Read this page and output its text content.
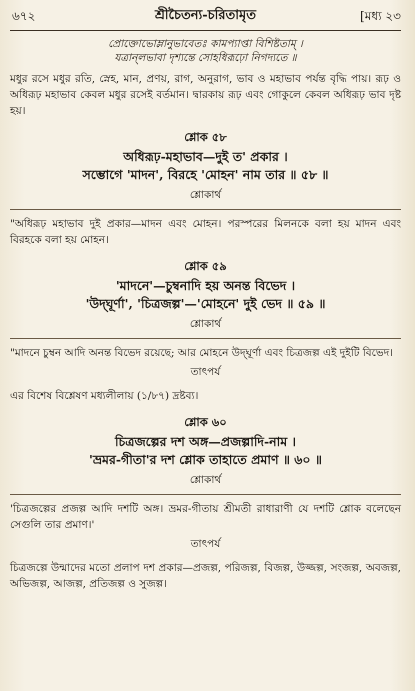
৬৭২	শ্রীচৈতন্য-চরিতামৃত	[মধ্য ২৩
প্রোক্তোভোম্লানুভাবেতঃ কামপ্যাপ্তা বিশিষ্টতাম্‌ ।
যত্রান্লভাবা দৃশ্যন্তে সোহধিরূঢ়ো নিগদ্যতে ॥
মধুর রসে মধুর রতি, স্নেহ, মান, প্রণয়, রাগ, অনুরাগ, ভাব ও মহাভাব পর্যন্ত বৃদ্ধি পায়। রূঢ় ও অধিরূঢ় মহাভাব কেবল মধুর রসেই বর্তমান। দ্বারকায় রূঢ় এবং গোকুলে কেবল অধিরূঢ় ভাব দৃষ্ট হয়।
শ্লোক ৫৮
অধিরূঢ়-মহাভাব—দুই ত' প্রকার ।
সম্ভোগে 'মাদন', বিরহে 'মোহন' নাম তার ॥ ৫৮ ॥
শ্লোকার্থ
"অধিরূঢ় মহাভাব দুই প্রকার—মাদন এবং মোহন। পরস্পরের মিলনকে বলা হয় মাদন এবং বিরহকে বলা হয় মোহন।
শ্লোক ৫৯
'মাদনে'—চুম্বনাদি হয় অনন্ত বিভেদ ।
'উদ্‌ঘূর্ণা', 'চিত্রজল্প'—'মোহনে' দুই ভেদ ॥ ৫৯ ॥
শ্লোকার্থ
"মাদনে চুম্বন আদি অনন্ত বিভেদ রয়েছে; আর মোহনে উদ্‌ঘূর্ণা এবং চিত্রজল্প এই দুইটি বিভেদ।
তাৎপর্য
এর বিশেষ বিশ্লেষণ মধ্যলীলায় (১/৮৭) দ্রষ্টব্য।
শ্লোক ৬০
চিত্রজল্পের দশ অঙ্গ—প্রজল্পাদি-নাম ।
'ভ্রমর-গীতা'র দশ শ্লোক তাহাতে প্রমাণ ॥ ৬০ ॥
শ্লোকার্থ
'চিত্রজল্পের প্রজল্প আদি দশটি অঙ্গ। ভ্রমর-গীতায় শ্রীমতী রাধারাণী যে দশটি শ্লোক বলেছেন সেগুলি তার প্রমাণ।'
তাৎপর্য
চিত্রজল্পে উন্মাদের মতো প্রলাপ দশ প্রকার—প্রজল্প, পরিজল্প, বিজল্প, উজ্জল্প, সংজল্প, অবজল্প, অভিজল্প, আজল্প, প্রতিজল্প ও সুজল্প।
